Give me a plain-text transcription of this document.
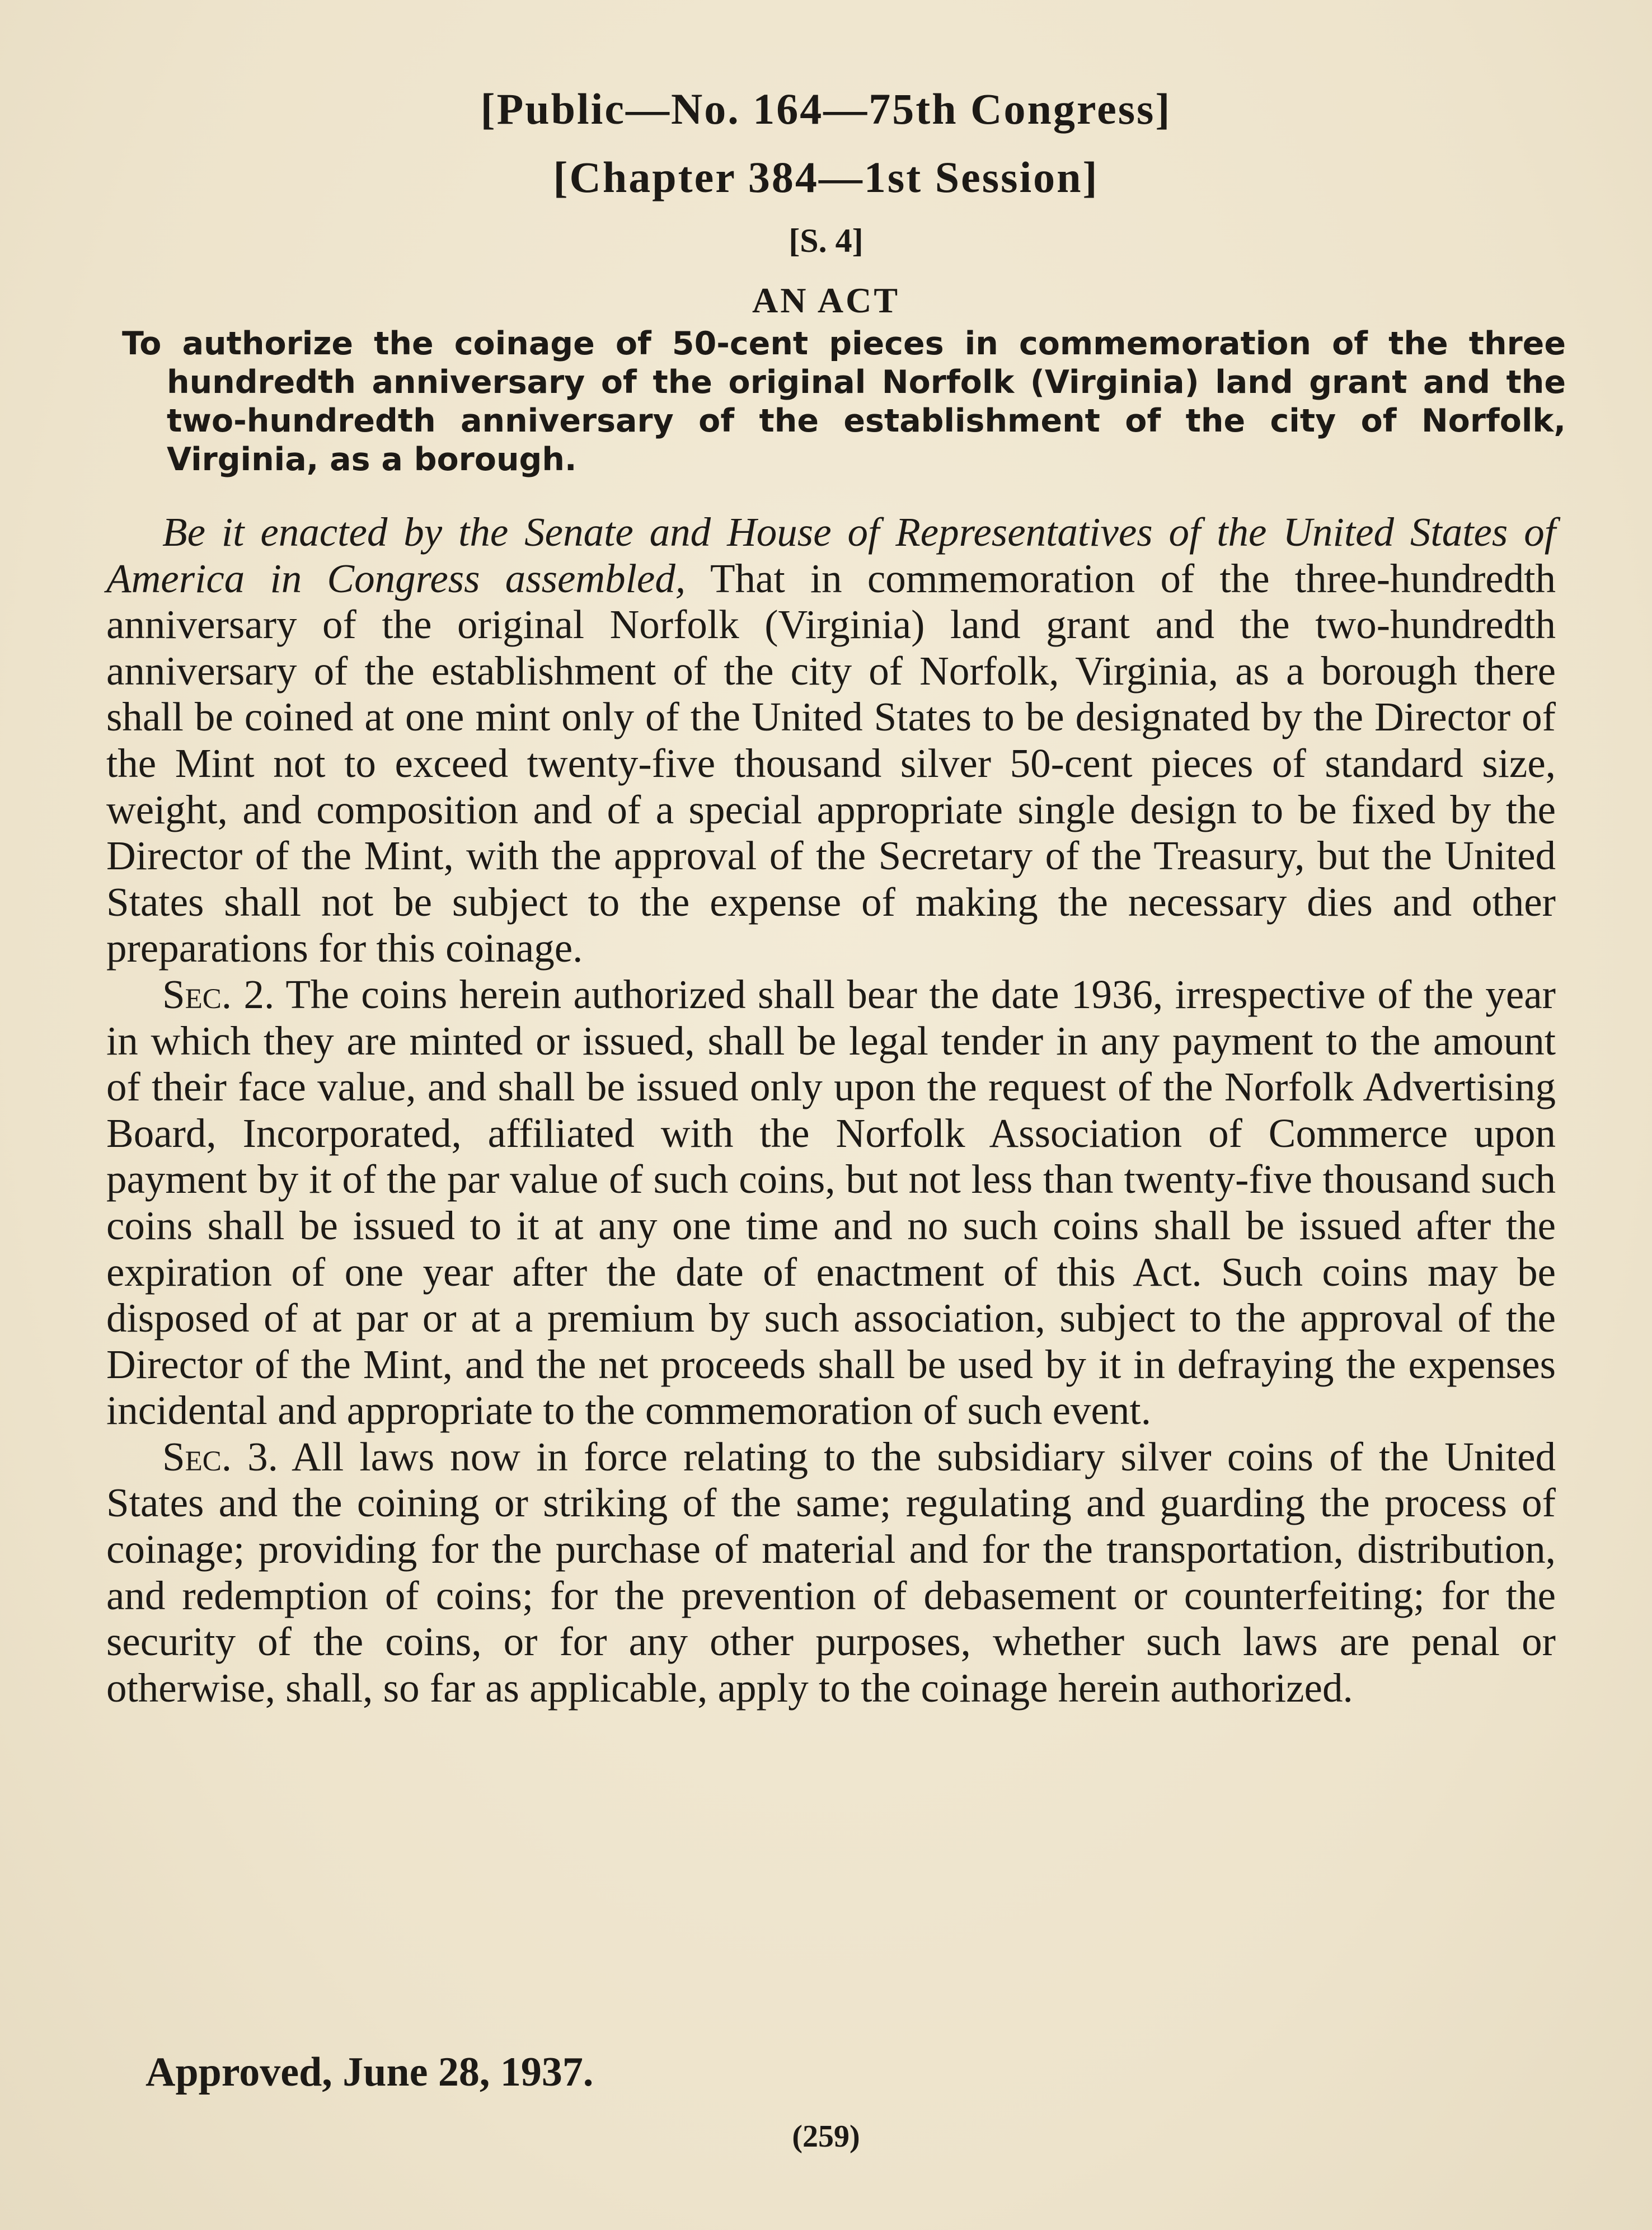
[Public—No. 164—75th Congress]
[Chapter 384—1st Session]
[S. 4]
AN ACT
To authorize the coinage of 50-cent pieces in commemoration of the three hundredth anniversary of the original Norfolk (Virginia) land grant and the two-hundredth anniversary of the establishment of the city of Norfolk, Virginia, as a borough.

Be it enacted by the Senate and House of Representatives of the United States of America in Congress assembled, That in commemoration of the three-hundredth anniversary of the original Norfolk (Virginia) land grant and the two-hundredth anniversary of the establishment of the city of Norfolk, Virginia, as a borough there shall be coined at one mint only of the United States to be designated by the Director of the Mint not to exceed twenty-five thousand silver 50-cent pieces of standard size, weight, and composition and of a special appropriate single design to be fixed by the Director of the Mint, with the approval of the Secretary of the Treasury, but the United States shall not be subject to the expense of making the necessary dies and other preparations for this coinage.

Sec. 2. The coins herein authorized shall bear the date 1936, irrespective of the year in which they are minted or issued, shall be legal tender in any payment to the amount of their face value, and shall be issued only upon the request of the Norfolk Advertising Board, Incorporated, affiliated with the Norfolk Association of Commerce upon payment by it of the par value of such coins, but not less than twenty-five thousand such coins shall be issued to it at any one time and no such coins shall be issued after the expiration of one year after the date of enactment of this Act. Such coins may be disposed of at par or at a premium by such association, subject to the approval of the Director of the Mint, and the net proceeds shall be used by it in defraying the expenses incidental and appropriate to the commemoration of such event.

Sec. 3. All laws now in force relating to the subsidiary silver coins of the United States and the coining or striking of the same; regulating and guarding the process of coinage; providing for the purchase of material and for the transportation, distribution, and redemption of coins; for the prevention of debasement or counterfeiting; for the security of the coins, or for any other purposes, whether such laws are penal or otherwise, shall, so far as applicable, apply to the coinage herein authorized.

Approved, June 28, 1937.
(259)
